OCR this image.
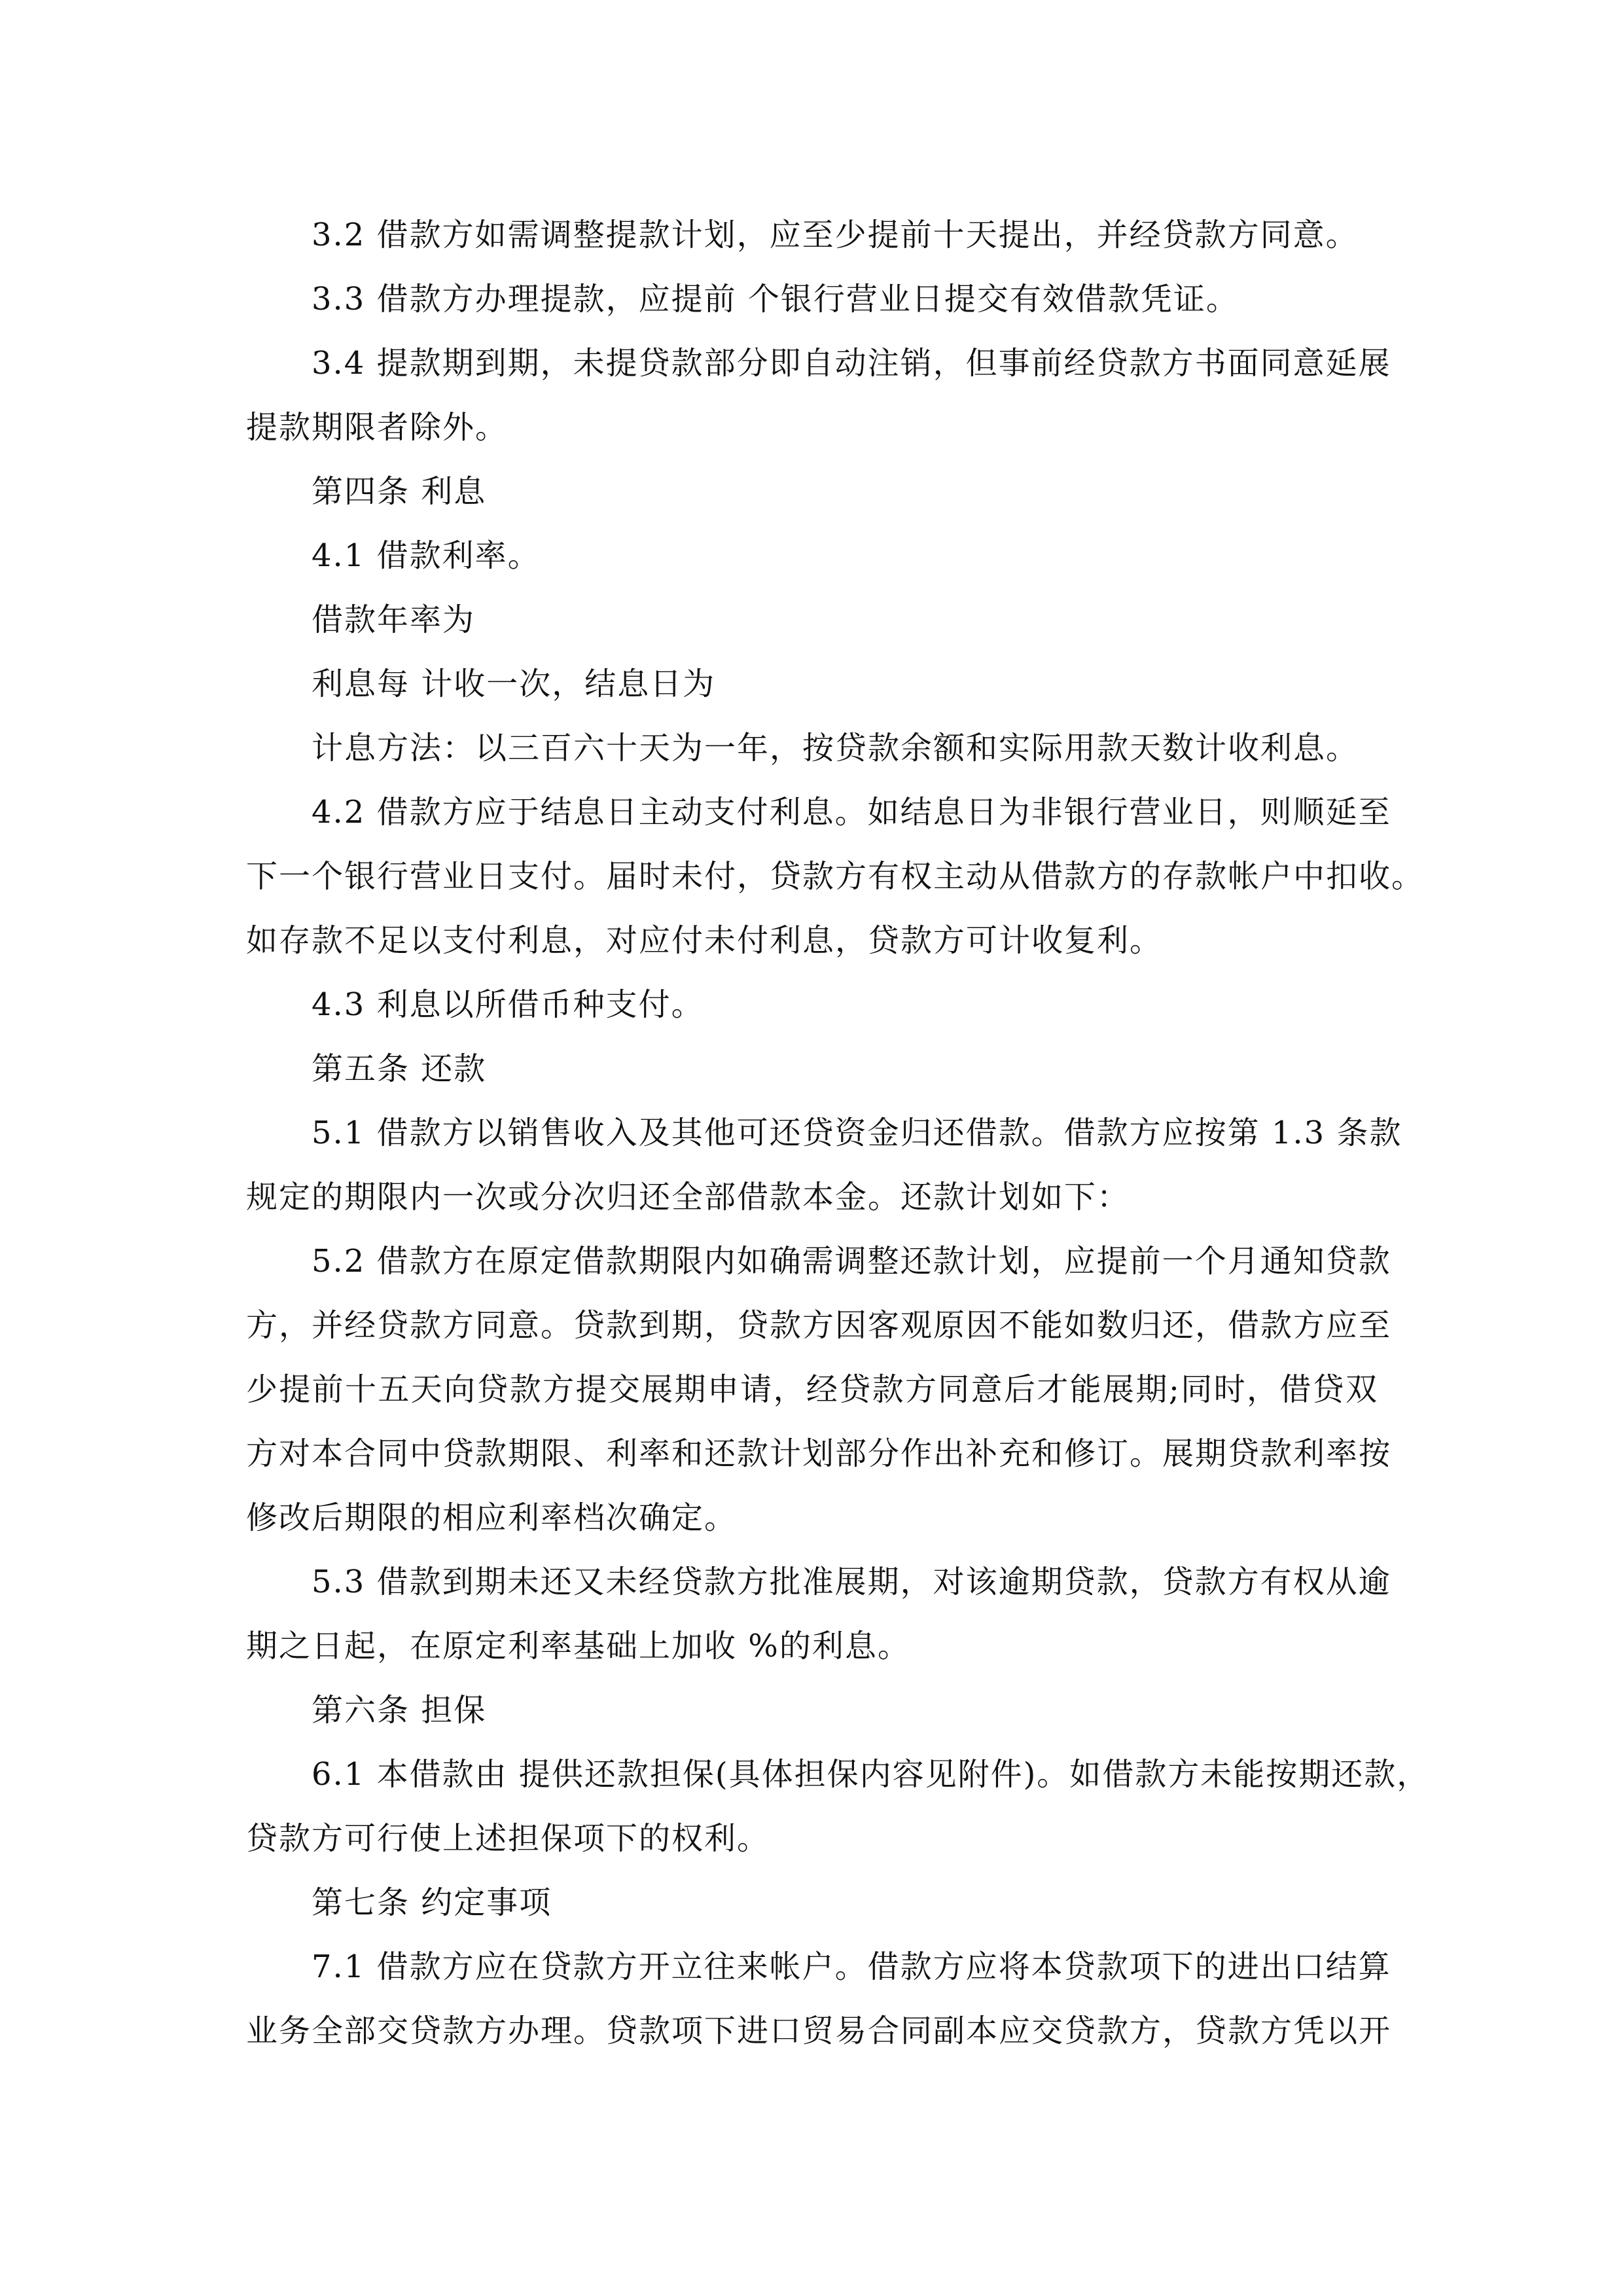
3.2 借款方如需调整提款计划，应至少提前十天提出，并经贷款方同意。
3.3 借款方办理提款，应提前 个银行营业日提交有效借款凭证。
3.4 提款期到期，未提贷款部分即自动注销，但事前经贷款方书面同意延展
提款期限者除外。
第四条 利息
4.1 借款利率。
借款年率为
利息每 计收一次，结息日为
计息方法：以三百六十天为一年，按贷款余额和实际用款天数计收利息。
4.2 借款方应于结息日主动支付利息。如结息日为非银行营业日，则顺延至
下一个银行营业日支付。届时未付，贷款方有权主动从借款方的存款帐户中扣收。
如存款不足以支付利息，对应付未付利息，贷款方可计收复利。
4.3 利息以所借币种支付。
第五条 还款
5.1 借款方以销售收入及其他可还贷资金归还借款。借款方应按第 1.3 条款
规定的期限内一次或分次归还全部借款本金。还款计划如下：
5.2 借款方在原定借款期限内如确需调整还款计划，应提前一个月通知贷款
方，并经贷款方同意。贷款到期，贷款方因客观原因不能如数归还，借款方应至
少提前十五天向贷款方提交展期申请，经贷款方同意后才能展期;同时，借贷双
方对本合同中贷款期限、利率和还款计划部分作出补充和修订。展期贷款利率按
修改后期限的相应利率档次确定。
5.3 借款到期未还又未经贷款方批准展期，对该逾期贷款，贷款方有权从逾
期之日起，在原定利率基础上加收 %的利息。
第六条 担保
6.1 本借款由 提供还款担保(具体担保内容见附件)。如借款方未能按期还款，
贷款方可行使上述担保项下的权利。
第七条 约定事项
7.1 借款方应在贷款方开立往来帐户。借款方应将本贷款项下的进出口结算
业务全部交贷款方办理。贷款项下进口贸易合同副本应交贷款方，贷款方凭以开
